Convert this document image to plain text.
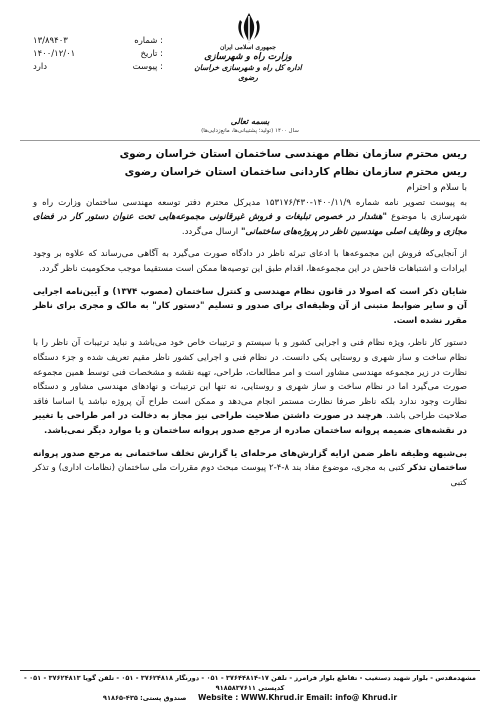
شماره :
۱۳/۸۹۴۰۳
تاریخ :
۱۴۰۰/۱۲/۰۱
پیوست :
دارد
جمهوری اسلامی ایران
وزارت راه و شهرسازی
اداره کل راه و شهرسازی خراسان رضوی
بسمه تعالی
سال ۱۴۰۰ (تولید؛ پشتیبانی‌ها، مانع‌زدایی‌ها)

ریس محترم سازمان نظام مهندسی ساختمان استان خراسان رضوی

ریس محترم سازمان نظام کاردانی ساختمان استان خراسان رضوی

با سلام و احترام

به پیوست تصویر نامه شماره ۱۴۰۰/۱۱/۹-۱۵۳۱۷۶/۴۳۰ مدیرکل محترم دفتر توسعه مهندسی ساختمان وزارت راه و شهرسازی با موضوع "هشدار در خصوص تبلیغات و فروش غیرقانونی مجموعه‌هایی تحت عنوان دستور کار در فضای مجازی و وظایف اصلی مهندسین ناظر در پروژه‌های ساختمانی" ارسال می‌گردد.

از آنجایی‌که فروش این مجموعه‌ها با ادعای تبرئه ناظر در دادگاه صورت می‌گیرد به آگاهی می‌رساند که علاوه بر وجود ایرادات و اشتباهات فاحش در این مجموعه‌ها، اقدام طبق این توصیه‌ها ممکن است مستقیما موجب محکومیت ناظر گردد.

شایان ذکر است که اصولا در قانون نظام مهندسی و کنترل ساختمان (مصوب ۱۳۷۴) و آیین‌نامه اجرایی آن و سایر ضوابط متبنی از آن وظیفه‌ای برای صدور و تسلیم "دستور کار" به مالک و مجری برای ناظر مقرر نشده است.

دستور کار ناظر، ویژه نظام فنی و اجرایی کشور و با سیستم و ترتیبات خاص خود می‌باشد و نباید ترتیبات آن ناظر را با نظام ساخت و ساز شهری و روستایی یکی دانست. در نظام فنی و اجرایی کشور ناظر مقیم تعریف شده و جزء دستگاه نظارت در زیر مجموعه مهندسی مشاور است و امر مطالعات، طراحی، تهیه نقشه و مشخصات فنی توسط همین مجموعه صورت می‌گیرد اما در نظام ساخت و ساز شهری و روستایی، نه تنها این ترتیبات و نهادهای مهندسی مشاور و دستگاه نظارت وجود ندارد بلکه ناظر صرفا نظارت مستمر انجام می‌دهد و ممکن است طراح آن پروژه نباشد یا اساسا فاقد صلاحیت طراحی باشد. هرچند در صورت داشتن صلاحیت طراحی نیز مجاز به دخالت در امر طراحی یا تغییر در نقشه‌های ضمیمه پروانه ساختمان صادره از مرجع صدور پروانه ساختمان و یا موارد دیگر نمی‌باشد.

بی‌شبهه وظیفه ناظر ضمن ارایه گزارش‌های مرحله‌ای یا گزارش تخلف ساختمانی به مرجع صدور پروانه ساختمان تذکر کتبی به مجری، موضوع مفاد بند ۸-۴-۲ پیوست مبحث دوم مقررات ملی ساختمان (نظامات اداری) و تذکر کتبی

مشهدمقدس - بلوار شهید دستغیب - تقاطع بلوار فرامرز - تلفن ۱۷-۳۷۶۴۴۸۱۴ - ۰۵۱ - دورنگار ۳۷۶۲۴۸۱۸ - ۰۵۱ - تلفن گویا ۳۷۶۲۴۸۱۳ - ۰۵۱ - کدپستی ۹۱۸۵۸۳۷۶۱۱
Website : WWW.Khrud.ir Email: info@ Khrud.ir     صندوق پستی: ۴۳۵-۹۱۸۶۵
